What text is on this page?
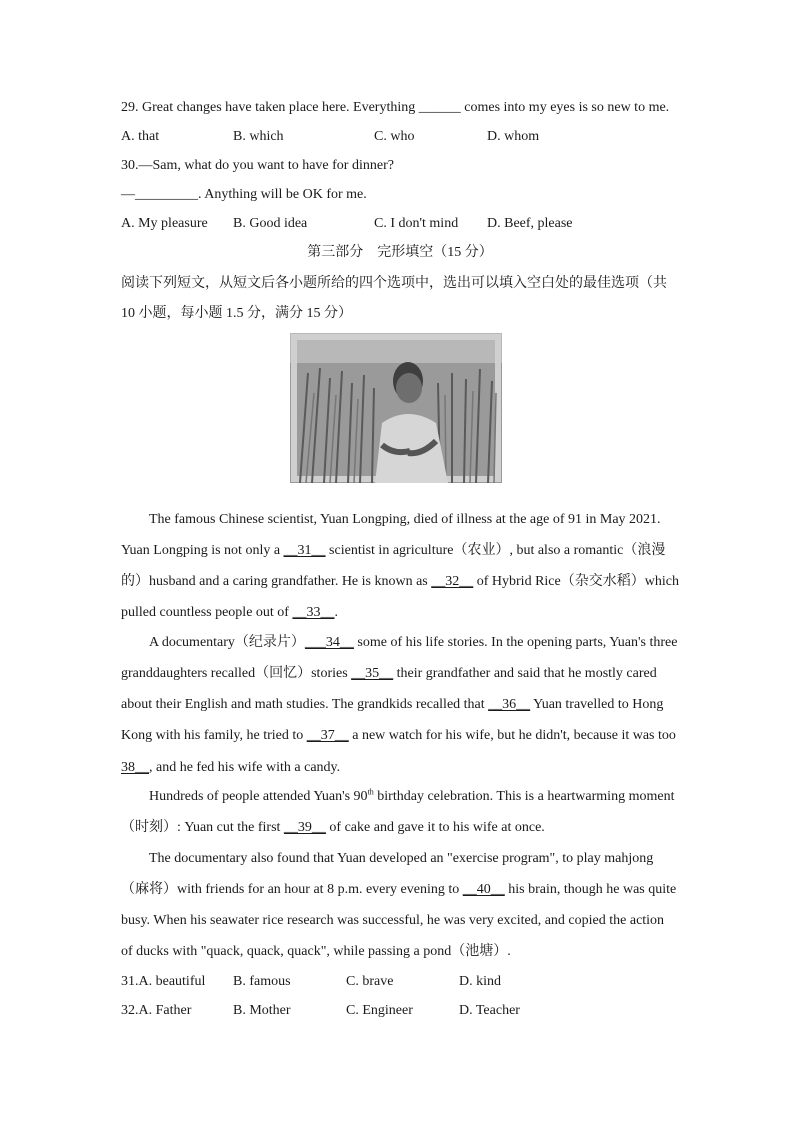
29. Great changes have taken place here. Everything ______ comes into my eyes is so new to me.
A. that	B. which	C. who	D. whom
30.—Sam, what do you want to have for dinner?
—_________. Anything will be OK for me.
A. My pleasure B. Good idea	C. I don't mind D. Beef, please
第三部分　完形填空（15 分）
阅读下列短文，从短文后各小题所给的四个选项中，选出可以填入空白处的最佳选项（共
10 小题，每小题 1.5 分，满分 15 分）
The famous Chinese scientist, Yuan Longping, died of illness at the age of 91 in May 2021.
Yuan Longping is not only a __31__ scientist in agriculture（农业）, but also a romantic（浪漫
的）husband and a caring grandfather. He is known as __32__ of Hybrid Rice（杂交水稻）which
pulled countless people out of __33__.
A documentary（纪录片）___34__ some of his life stories. In the opening parts, Yuan's three
granddaughters recalled（回忆）stories __35__ their grandfather and said that he mostly cared
about their English and math studies. The grandkids recalled that __36__ Yuan travelled to Hong
Kong with his family, he tried to __37__ a new watch for his wife, but he didn't, because it was too
38__, and he fed his wife with a candy.
Hundreds of people attended Yuan's 90th birthday celebration. This is a heartwarming moment
（时刻）: Yuan cut the first __39__ of cake and gave it to his wife at once.
The documentary also found that Yuan developed an "exercise program", to play mahjong
（麻将）with friends for an hour at 8 p.m. every evening to __40__ his brain, though he was quite
busy. When his seawater rice research was successful, he was very excited, and copied the action
of ducks with "quack, quack, quack", while passing a pond（池塘）.
31.A. beautiful B. famous	C. brave	D. kind
32.A. Father	B. Mother	C. Engineer	D. Teacher
